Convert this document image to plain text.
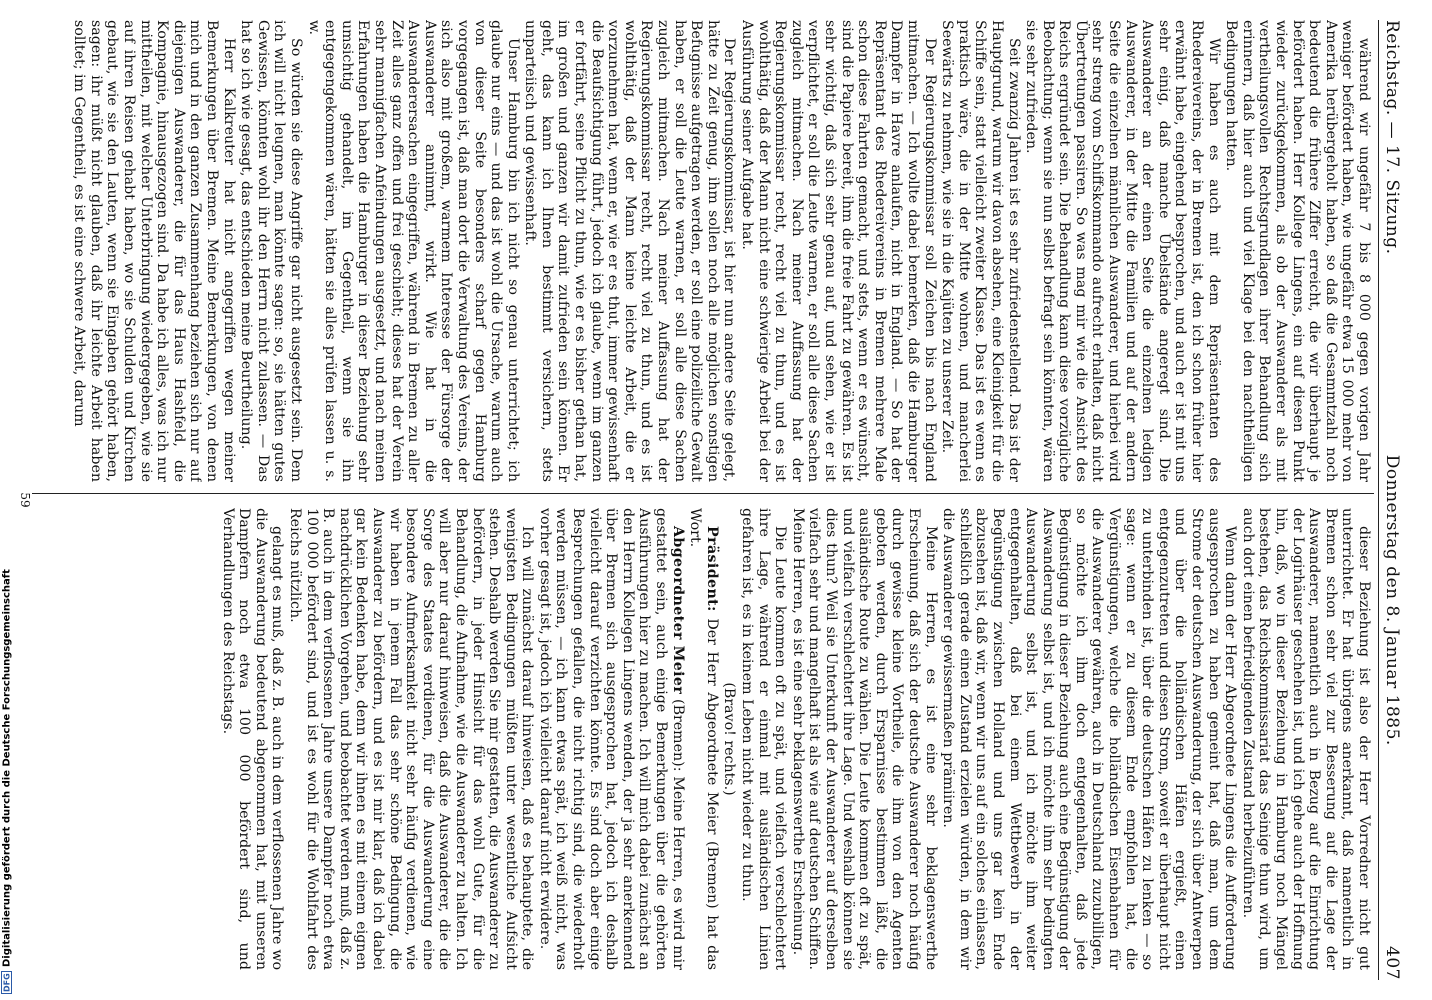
DFG
Digitalisierung gefördert durch die Deutsche Forschungsgemeinschaft
Reichstag. — 17. Sitzung.
Donnerstag den 8. Januar 1885.
407

während wir ungefähr 7 bis 8 000 gegen vorigen Jahr weniger befördert haben, wie ungefähr etwa 15 000 mehr von Amerika herübergeholt haben, so daß die Gesammtzahl noch bedeutend die frühere Ziffer erreicht, die wir überhaupt je befördert haben. Herr Kollege Lingens, ein auf diesen Punkt wieder zurückgekommen, als ob der Auswanderer als mit vertheilungsvollen Rechtsgrundlagen ihrer Behandlung sich erinnern, daß hier auch und viel Klage bei den nachtheiligen Bedingungen hatten.

Wir haben es auch mit dem Repräsentanten des Rhedereivereins, der in Bremen ist, den ich schon früher hier erwähnt habe, eingehend besprochen, und auch er ist mit uns sehr einig, daß manche Übelstände angeregt sind. Die Auswanderer an der einen Seite die einzelnen ledigen Auswanderer, in der Mitte die Familien und auf der andern Seite die einzelnen männlichen Auswanderer, und hierbei wird sehr streng vom Schiffskommando aufrecht erhalten, daß nicht Übertretungen passiren. So was mag mir wie die Ansicht des Reichs ergründet sein. Die Behandlung kann diese vorzügliche Beobachtung; wenn sie nun selbst befragt sein könnten, wären sie sehr zufrieden.

Seit zwanzig Jahren ist es sehr zufriedenstellend. Das ist der Hauptgrund, warum wir davon absehen, eine Kleinigkeit für die Schiffe sein, statt vielleicht zweiter Klasse. Das ist es wenn es praktisch wäre, die in der Mitte wohnen, und mancherlei Seewärts zu nehmen, wie sie in die Kajüten zu unserer Zeit.

Der Regierungskommissar soll Zeichen bis nach England mitmachen. — Ich wollte dabei bemerken, daß die Hamburger Dampfer in Havre anlaufen, nicht in England. — So hat der Repräsentant des Rhedereivereins in Bremen mehrere Male schon diese Fahrten gemacht, und stets, wenn er es wünscht, sind die Papiere bereit, ihm die freie Fahrt zu gewähren. Es ist sehr wichtig, daß sich sehr genau auf, und sehen, wie er ist verpflichtet, er soll die Leute warnen, er soll alle diese Sachen zugleich mitmachen. Nach meiner Auffassung hat der Regierungskommissar recht, recht viel zu thun, und es ist wohlthätig, daß der Mann nicht eine schwierige Arbeit bei der Ausführung seiner Aufgabe hat.

Der Regierungskommissar, ist hier nun andere Seite gelegt, hätte zu Zeit genug, ihm sollen noch alle möglichen sonstigen Befugnisse aufgetragen werden, er soll eine polizeiliche Gewalt haben, er soll die Leute warnen, er soll alle diese Sachen zugleich mitmachen. Nach meiner Auffassung hat der Regierungskommissar recht, recht viel zu thun, und es ist wohlthätig, daß der Mann keine leichte Arbeit, die er vorzunehmen hat, wenn er, wie er es thut, immer gewissenhaft die Beaufsichtigung führt, jedoch ich glaube, wenn im ganzen er fortfährt, seine Pflicht zu thun, wie er es bisher gethan hat, im großen und ganzen wir damit zufrieden sein können. Er geht, das kann ich Ihnen bestimmt versichern, stets unparteiisch und gewissenhaft.

Unser Hamburg bin ich nicht so genau unterrichtet; ich glaube nur eins — und das ist wohl die Ursache, warum auch von dieser Seite besonders scharf gegen Hamburg vorgegangen ist, daß man dort die Verwaltung des Vereins, der sich also mit großem, warmem Interesse der Fürsorge der Auswanderer annimmt, wirkt. Wie hat in die Auswanderersachen eingegriffen, während in Bremen zu aller Zeit alles ganz offen und frei geschieht; dieses hat der Verein sehr mannigfachen Anfeindungen ausgesetzt, und nach meinen Erfahrungen haben die Hamburger in dieser Beziehung sehr umsichtig gehandelt, im Gegentheil, wenn sie ihn entgegengekommen wären, hätten sie alles prüfen lassen u. s. w.

So würden sie diese Angriffe gar nicht ausgesetzt sein. Dem ich will nicht leugnen, man könnte sagen: so, sie hätten gutes Gewissen, könnten wohl ihr den Herrn nicht zulassen. — Das hat so ich wie gesagt, das entschieden meine Beurtheilung.

Herr Kalkreuter hat nicht angegriffen wegen meiner Bemerkungen über Bremen. Meine Bemerkungen, von denen mich und in den ganzen Zusammenhang beziehen sich nur auf diejenigen Auswanderer, die für das Haus Hashfeld, die Kompagnie, hinausgezogen sind. Da habe ich alles, was ich nur mittheilen, mit welcher Unterbringung wiedergegeben, wie sie auf ihren Reisen gehabt haben, wo sie Schulden und Kirchen gebaut, wie sie den Lauten, wenn sie Eingaben gehört haben, sagen: ihr müßt nicht glauben, daß ihr leichte Arbeit haben solltet; im Gegentheil, es ist eine schwere Arbeit, darum

dieser Beziehung ist also der Herr Vorredner nicht gut unterrichtet. Er hat übrigens anerkannt, daß namentlich in Bremen schon sehr viel zur Besserung auf die Lage der Auswanderer, namentlich auch in Bezug auf die Einrichtung der Logirhäuser geschehen ist, und ich gehe auch der Hoffnung hin, daß, wo in dieser Beziehung in Hamburg noch Mängel bestehen, das Reichskommissariat das Seinige thun wird, um auch dort einen befriedigenden Zustand herbeizuführen.

Wenn dann der Herr Abgeordnete Lingens die Aufforderung ausgesprochen zu haben gemeint hat, daß man, um dem Strome der deutschen Auswanderung, der sich über Antwerpen und über die holländischen Häfen ergießt, einen entgegenzutreten und diesen Strom, soweit er überhaupt nicht zu unterbinden ist, über die deutschen Häfen zu lenken — so sage: wenn er zu diesem Ende empfohlen hat, die Vergünstigungen, welche die holländischen Eisenbahnen für die Auswanderer gewähren, auch in Deutschland zuzubilligen, so möchte ich ihm doch entgegenhalten, daß jede Begünstigung in dieser Beziehung auch eine Begünstigung der Auswanderung selbst ist, und ich möchte ihm sehr bedingten Auswanderung selbst ist, und ich möchte ihm weiter entgegenhalten, daß bei einem Wettbewerb in der Begünstigung zwischen Holland und uns gar kein Ende abzusehen ist, daß wir, wenn wir uns auf ein solches einlassen, schließlich gerade einen Zustand erzielen würden, in dem wir die Auswanderer gewissermaßen prämiiren.

Meine Herren, es ist eine sehr beklagenswerthe Erscheinung, daß sich der deutsche Auswanderer noch häufig durch gewisse kleine Vortheile, die ihm von den Agenten geboten werden, durch Ersparnisse bestimmen läßt, die ausländische Route zu wählen. Die Leute kommen oft zu spät, und vielfach verschlechtert ihre Lage. Und weshalb können sie dies thun? Weil sie Unterkunft der Auswanderer auf derselben vielfach sehr und mangelhaft ist als wie auf deutschen Schiffen. Meine Herren, es ist eine sehr beklagenswerthe Erscheinung.

Die Leute kommen oft zu spät, und vielfach verschlechtert ihre Lage, während er einmal mit ausländischen Linien gefahren ist, es in keinem Leben nicht wieder zu thun.

(Bravo! rechts.)

Präsident: Der Herr Abgeordnete Meier (Bremen) hat das Wort.

Abgeordneter Meier (Bremen): Meine Herren, es wird mir gestattet sein, auch einige Bemerkungen über die gehörten Ausführungen hier zu machen. Ich will mich dabei zunächst an den Herrn Kollegen Lingens wenden, der ja sehr anerkennend über Bremen sich ausgesprochen hat, jedoch ich deshalb vielleicht darauf verzichten könnte. Es sind doch aber einige Besprechungen gefallen, die nicht richtig sind, die wiederholt werden müssen, — ich kann etwas spät, ich weiß nicht, was vorher gesagt ist, jedoch ich vielleicht darauf nicht erwidere.

Ich will zunächst darauf hinweisen, daß es behauptete, die wenigsten Bedingungen müßten unter wesentliche Aufsicht stehen. Deshalb werden Sie mir gestatten, die Auswanderer zu befördern, in jeder Hinsicht für das wohl Gute, für die Behandlung, die Aufnahme, wie die Auswanderer zu halten. Ich will aber nur darauf hinweisen, daß die Auswanderer, die die Sorge des Staates verdienen, für die Auswanderung eine besondere Aufmerksamkeit nicht sehr häufig verdienen, wie wir haben in jenem Fall das sehr schöne Bedingung, die Auswanderer zu befördern, und es ist mir klar, daß ich dabei gar kein Bedenken habe, denn wir ihnen es mit einem eignen nachdrücklichen Vorgehen, und beobachtet werden muß, daß z. B. auch in dem verflossenen Jahre unsere Dampfer noch etwa 100 000 befördert sind, und ist es wohl für die Wohlfahrt des Reichs nützlich.

gelangt es muß, daß z. B. auch in dem verflossenen Jahre wo die Auswanderung bedeutend abgenommen hat, mit unseren Dampfern noch etwa 100 000 befördert sind, und Verhandlungen des Reichstags.

59
